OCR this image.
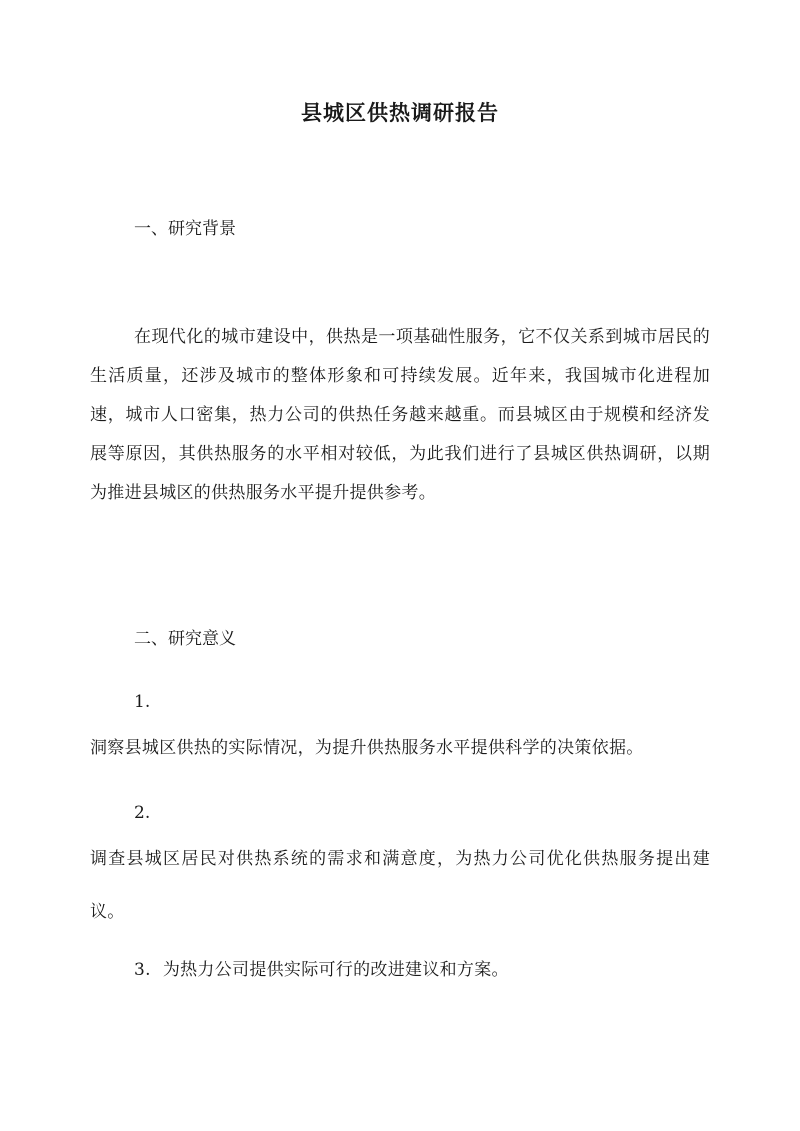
县城区供热调研报告
一、研究背景
在现代化的城市建设中，供热是一项基础性服务，它不仅关系到城市居民的生活质量，还涉及城市的整体形象和可持续发展。近年来，我国城市化进程加速，城市人口密集，热力公司的供热任务越来越重。而县城区由于规模和经济发展等原因，其供热服务的水平相对较低，为此我们进行了县城区供热调研，以期为推进县城区的供热服务水平提升提供参考。
二、研究意义
1.
洞察县城区供热的实际情况，为提升供热服务水平提供科学的决策依据。
2.
调查县城区居民对供热系统的需求和满意度，为热力公司优化供热服务提出建议。
3. 为热力公司提供实际可行的改进建议和方案。
